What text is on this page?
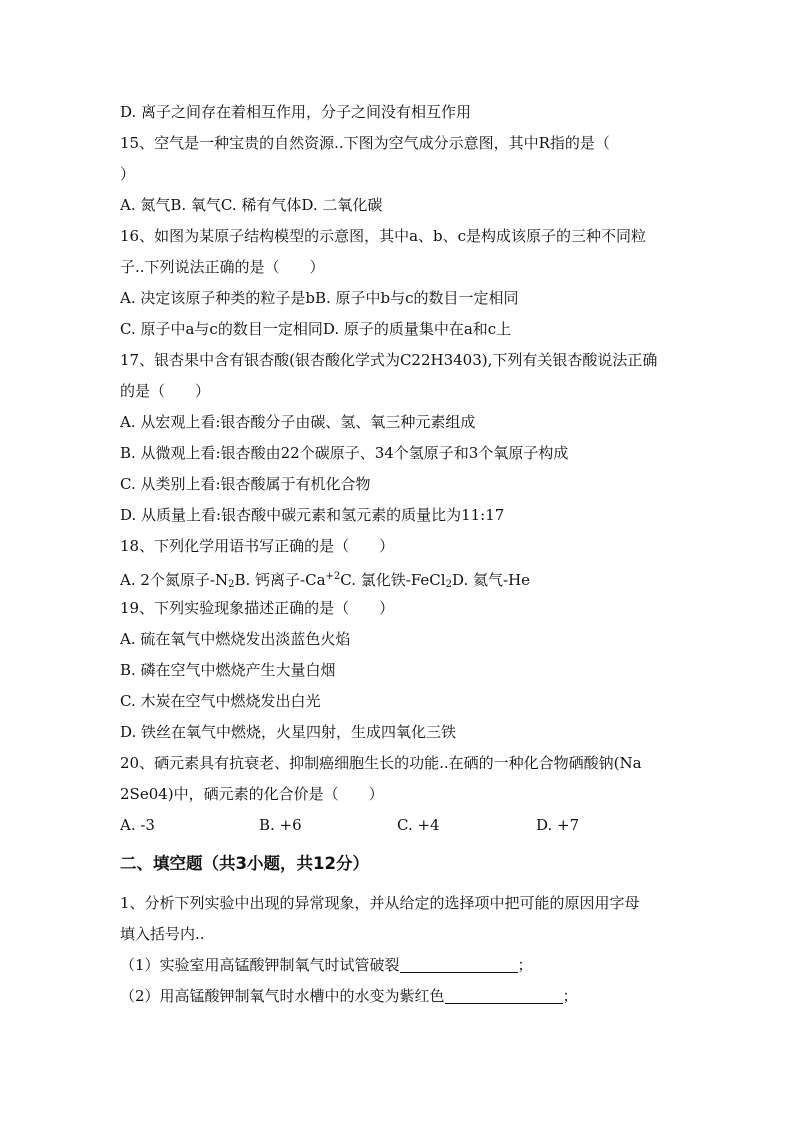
D. 离子之间存在着相互作用，分子之间没有相互作用
15、空气是一种宝贵的自然资源..下图为空气成分示意图，其中R指的是（
）
A. 氮气B. 氧气C. 稀有气体D. 二氧化碳
16、如图为某原子结构模型的示意图，其中a、b、c是构成该原子的三种不同粒
子..下列说法正确的是（　　）
A. 决定该原子种类的粒子是bB. 原子中b与c的数目一定相同
C. 原子中a与c的数目一定相同D. 原子的质量集中在a和c上
17、银杏果中含有银杏酸(银杏酸化学式为C22H3403),下列有关银杏酸说法正确
的是（　　）
A. 从宏观上看:银杏酸分子由碳、氢、氧三种元素组成
B. 从微观上看:银杏酸由22个碳原子、34个氢原子和3个氧原子构成
C. 从类别上看:银杏酸属于有机化合物
D. 从质量上看:银杏酸中碳元素和氢元素的质量比为11:17
18、下列化学用语书写正确的是（　　）
A. 2个氮原子$-N_2B$. 钙离子$-Ca^{+2}C$. 氯化铁-FeCl$_2$D. 氦气-He
19、下列实验现象描述正确的是（　　）
A. 硫在氧气中燃烧发出淡蓝色火焰
B. 磷在空气中燃烧产生大量白烟
C. 木炭在空气中燃烧发出白光
D. 铁丝在氧气中燃烧，火星四射，生成四氧化三铁
20、硒元素具有抗衰老、抑制癌细胞生长的功能..在硒的一种化合物硒酸钠(Na
2Se04)中，硒元素的化合价是（　　）
A. -3	B. +6	C. +4	D. +7
二、填空题（共3小题，共12分）
1、分析下列实验中出现的异常现象，并从给定的选择项中把可能的原因用字母
填入括号内..
（1）实验室用高锰酸钾制氧气时试管破裂	；
（2）用高锰酸钾制氧气时水槽中的水变为紫红色	；
